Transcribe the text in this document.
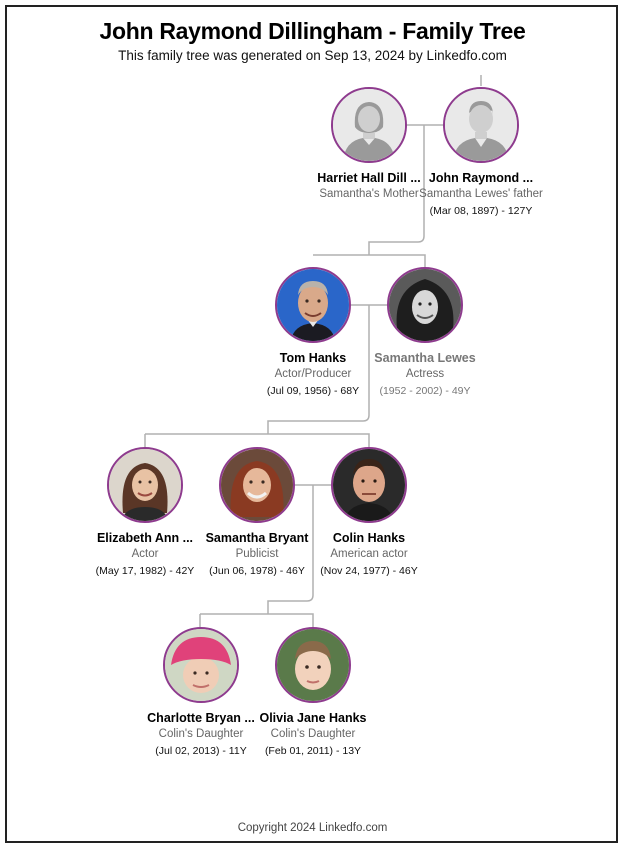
John Raymond Dillingham - Family Tree
This family tree was generated on Sep 13, 2024 by Linkedfo.com
Harriet Hall Dill ...
Samantha's Mother
John Raymond ...
Samantha Lewes' father
(Mar 08, 1897) - 127Y
Tom Hanks
Actor/Producer
(Jul 09, 1956) - 68Y
Samantha Lewes
Actress
(1952 - 2002) - 49Y
Elizabeth Ann ...
Actor
(May 17, 1982) - 42Y
Samantha Bryant
Publicist
(Jun 06, 1978) - 46Y
Colin Hanks
American actor
(Nov 24, 1977) - 46Y
Charlotte Bryan ...
Colin's Daughter
(Jul 02, 2013) - 11Y
Olivia Jane Hanks
Colin's Daughter
(Feb 01, 2011) - 13Y
Copyright 2024 Linkedfo.com
